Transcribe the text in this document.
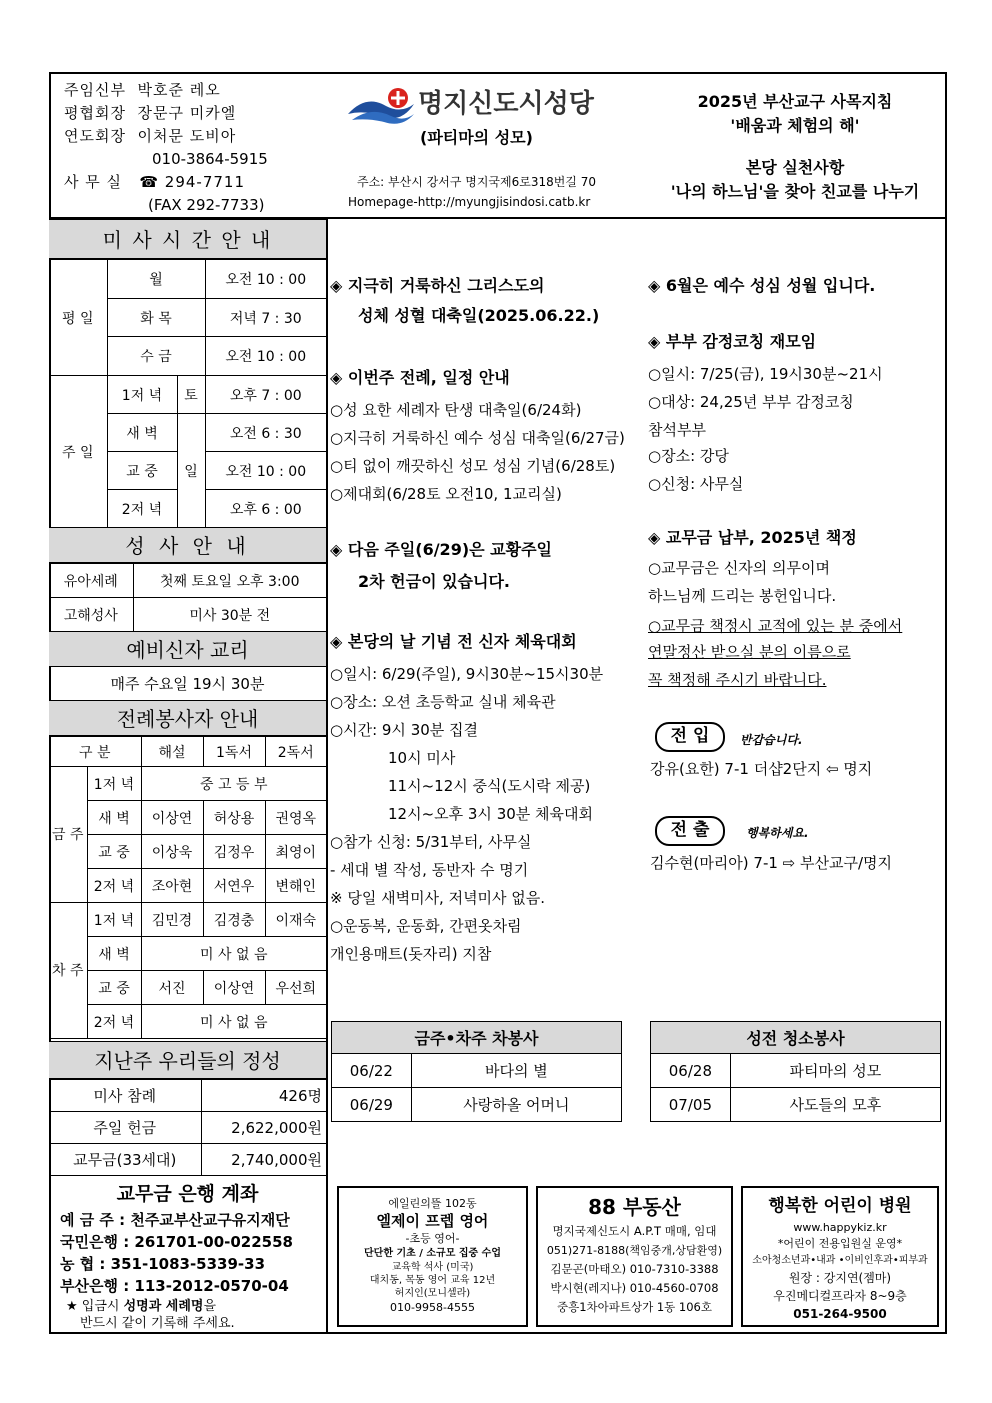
주임신부 박호준 레오
평협회장 장문구 미카엘
연도회장 이처문 도비아
010-3864-5915
사 무 실 ☎ 294-7711
(FAX 292-7733)
명지신도시성당
(파티마의 성모)
주소: 부산시 강서구 명지국제6로318번길 70
Homepage-http://myungjisindosi.catb.kr
2025년 부산교구 사목지침
'배움과 체험의 해'
본당 실천사항
'나의 하느님'을 찾아 친교를 나누기
미 사 시 간 안 내
평 일	월		오전 10 : 00
	화 목		저녁 7 : 30
	수 금		오전 10 : 00
주 일	1저 녁	토	오후 7 : 00
	새 벽	일	오전 6 : 30
	교 중		오전 10 : 00
	2저 녁		오후 6 : 00
성 사 안 내
유아세례	첫째 토요일 오후 3:00
고해성사	미사 30분 전
예비신자 교리
매주 수요일 19시 30분
전례봉사자 안내
구 분		해설	1독서	2독서
금 주	1저 녁	중 고 등 부		
	새 벽	이상연	허상용	권영옥
	교 중	이상욱	김정우	최영이
	2저 녁	조아현	서연우	변해인
차 주	1저 녁	김민경	김경충	이재숙
	새 벽	미 사 없 음		
	교 중	서진	이상연	우선희
	2저 녁	미 사 없 음		
지난주 우리들의 정성
미사 참례	426명
주일 헌금	2,622,000원
교무금(33세대)	2,740,000원
교무금 은행 계좌
예 금 주 : 천주교부산교구유지재단
국민은행 : 261701-00-022558
농 협 : 351-1083-5339-33
부산은행 : 113-2012-0570-04
★ 입금시 성명과 세례명을
반드시 같이 기록해 주세요.
◈ 지극히 거룩하신 그리스도의
성체 성혈 대축일(2025.06.22.)
◈ 이번주 전례, 일정 안내
○성 요한 세례자 탄생 대축일(6/24화)
○지극히 거룩하신 예수 성심 대축일(6/27금)
○티 없이 깨끗하신 성모 성심 기념(6/28토)
○제대회(6/28토 오전10, 1교리실)
◈ 다음 주일(6/29)은 교황주일
2차 헌금이 있습니다.
◈ 본당의 날 기념 전 신자 체육대회
○일시: 6/29(주일), 9시30분~15시30분
○장소: 오션 초등학교 실내 체육관
○시간: 9시 30분 집결
10시 미사
11시~12시 중식(도시락 제공)
12시~오후 3시 30분 체육대회
○참가 신청: 5/31부터, 사무실
- 세대 별 작성, 동반자 수 명기
※ 당일 새벽미사, 저녁미사 없음.
○운동복, 운동화, 간편옷차림
개인용매트(돗자리) 지참
◈ 6월은 예수 성심 성월 입니다.
◈ 부부 감정코칭 재모임
○일시: 7/25(금), 19시30분~21시
○대상: 24,25년 부부 감정코칭
참석부부
○장소: 강당
○신청: 사무실
◈ 교무금 납부, 2025년 책정
○교무금은 신자의 의무이며
하느님께 드리는 봉헌입니다.
○교무금 책정시 교적에 있는 분 중에서
연말정산 받으실 분의 이름으로
꼭 책정해 주시기 바랍니다.
전 입	반갑습니다.
강유(요한) 7-1 더샵2단지 ⇦ 명지
전 출	행복하세요.
김수현(마리아) 7-1 ⇨ 부산교구/명지
금주•차주 차봉사	
06/22	바다의 별
06/29	사랑하올 어머니
성전 청소봉사	
06/28	파티마의 성모
07/05	사도들의 모후
에일린의뜰 102동
엘제이 프렙 영어
-초등 영어-
단단한 기초 / 소규모 집중 수업
교육학 석사 (미국)
대치동, 목동 영어 교육 12년
허지인(모니셀라)
010-9958-4555
88 부동산
명지국제신도시 A.P.T 매매, 임대
051)271-8188(책임중개,상담환영)
김문곤(마태오) 010-7310-3388
박시현(레지나) 010-4560-0708
중흥1차아파트상가 1동 106호
행복한 어린이 병원
www.happykiz.kr
*어린이 전용입원실 운영*
소아청소년과•내과 •이비인후과•피부과
원장 : 강지연(젬마)
우진메디컬프라자 8~9층
051-264-9500
